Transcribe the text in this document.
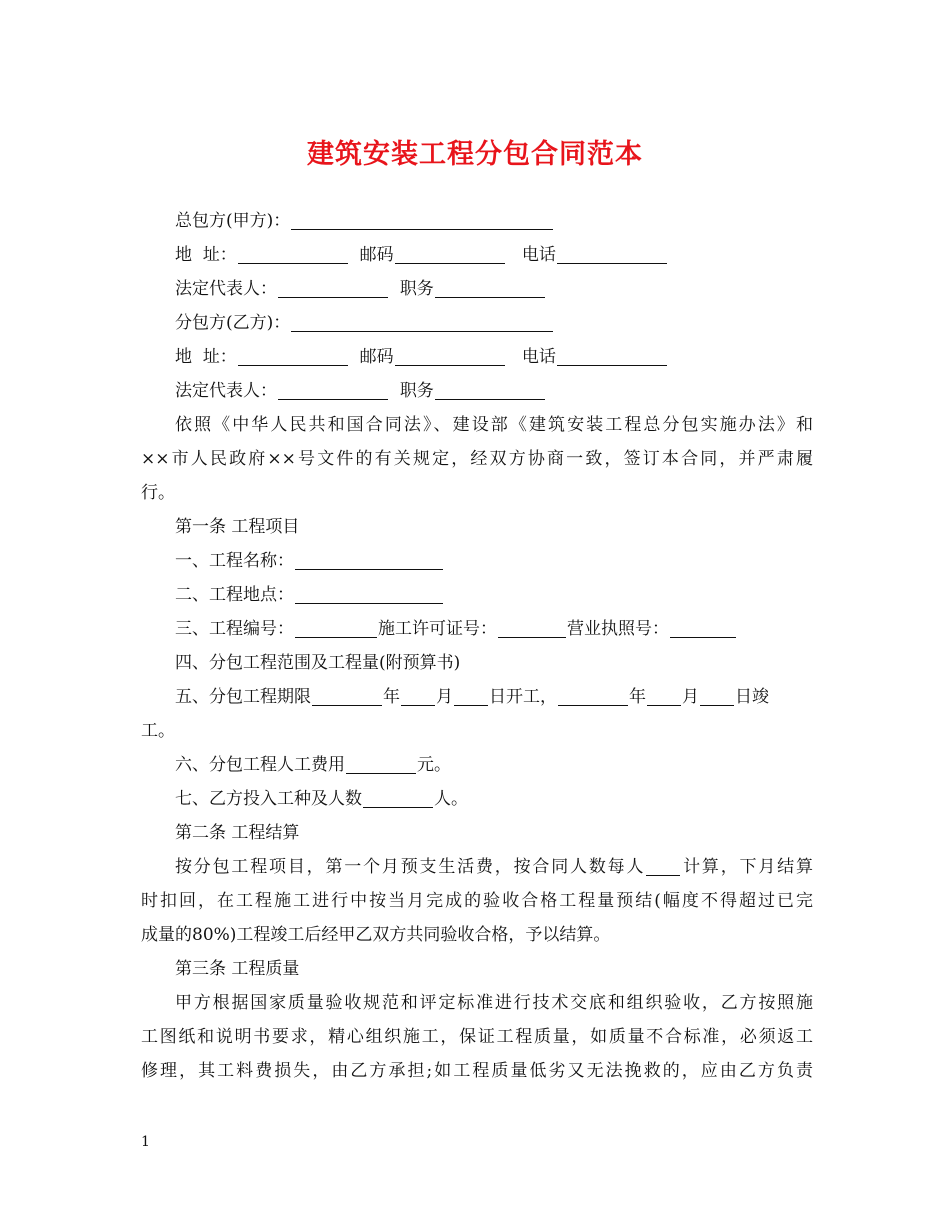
建筑安装工程分包合同范本
总包方(甲方)：
地  址：	邮码	电话
法定代表人：	职务
分包方(乙方)：
地  址：	邮码	电话
法定代表人：	职务
依照《中华人民共和国合同法》、建设部《建筑安装工程总分包实施办法》和
××市人民政府××号文件的有关规定，经双方协商一致，签订本合同，并严肃履
行。
第一条 工程项目
一、工程名称：
二、工程地点：
三、工程编号：	施工许可证号：	营业执照号：
四、分包工程范围及工程量(附预算书)
五、分包工程期限	年 月 日开工，	年 月 日竣
工。
六、分包工程人工费用	元。
七、乙方投入工种及人数	人。
第二条 工程结算
按分包工程项目，第一个月预支生活费，按合同人数每人 计算，下月结算
时扣回，在工程施工进行中按当月完成的验收合格工程量预结(幅度不得超过已完
成量的80%)工程竣工后经甲乙双方共同验收合格，予以结算。
第三条 工程质量
甲方根据国家质量验收规范和评定标准进行技术交底和组织验收，乙方按照施
工图纸和说明书要求，精心组织施工，保证工程质量，如质量不合标准，必须返工
修理，其工料费损失，由乙方承担;如工程质量低劣又无法挽救的，应由乙方负责
1
